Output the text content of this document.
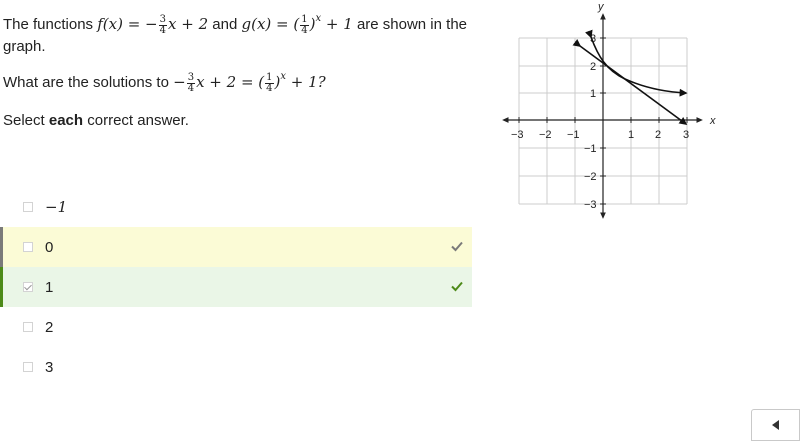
The functions f(x) = − $\frac{3}{4}$ x + 2 and g(x) = ( $\frac{1}{4} )^x + 1$ are shown in the graph.

What are the solutions to − $\frac{3}{4}$ x + 2 = ( $\frac{1}{4} )^x + 1$?

Select each correct answer.

−1
0
1
2
3
x
y
−3 −2 −1	1 2 3
3
2
1
−1
−2
−3
